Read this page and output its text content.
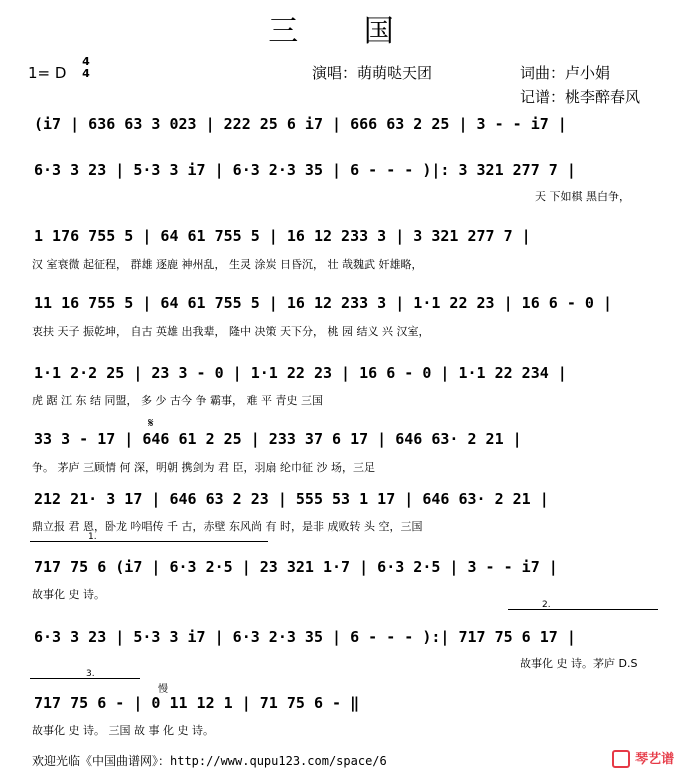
三 国
1= D
4
4	演唱：萌萌哒天团	词曲：卢小娟
记谱：桃李醉春风
(i7 | 636 63 3 023 | 222 25 6 i7 | 666 63 2 25 | 3 - - i7 |
6·3 3 23 | 5·3 3 i7 | 6·3 2·3 35 | 6 - - - )|: 3 321 277 7 |
天 下如棋 黑白争，
1 176 755 5 | 64 61 755 5 | 16 12 233 3 | 3 321 277 7 |
汉 室衰微 起征程， 群雄 逐鹿 神州乱， 生灵 涂炭 日昏沉， 壮 哉魏武 奸雄略，
11 16 755 5 | 64 61 755 5 | 16 12 233 3 | 1·1 22 23 | 16 6 - 0 |
衷扶 天子 振乾坤， 自古 英雄 出我辈， 隆中 决策 天下分， 桃 园 结义 兴 汉室，
1·1 2·2 25 | 23 3 - 0 | 1·1 22 23 | 16 6 - 0 | 1·1 22 234 |
虎 踞 江 东 结 同盟， 多 少 古今 争 霸事， 难 平 青史 三国
𝄋
33 3 - 17 | 646 61 2 25 | 233 37 6 17 | 646 63· 2 21 |
争。 茅庐 三顾情 何 深，明朝 携剑为 君 臣，羽扇 纶巾征 沙 场，三足
212 21· 3 17 | 646 63 2 23 | 555 53 1 17 | 646 63· 2 21 |
鼎立报 君 恩，卧龙 吟唱传 千 古，赤壁 东风尚 有 时，是非 成败转 头 空，三国
1.
717 75 6 (i7 | 6·3 2·5 | 23 321 1·7 | 6·3 2·5 | 3 - - i7 |
故事化 史 诗。
2.
6·3 3 23 | 5·3 3 i7 | 6·3 2·3 35 | 6 - - - ):| 717 75 6 17 |
故事化 史 诗。茅庐 D.S
3.
慢
717 75 6 - | 0 11 12 1 | 71 75 6 - ‖
故事化 史 诗。 三国 故 事 化 史 诗。
欢迎光临《中国曲谱网》：http://www.qupu123.com/space/6	琴艺谱
